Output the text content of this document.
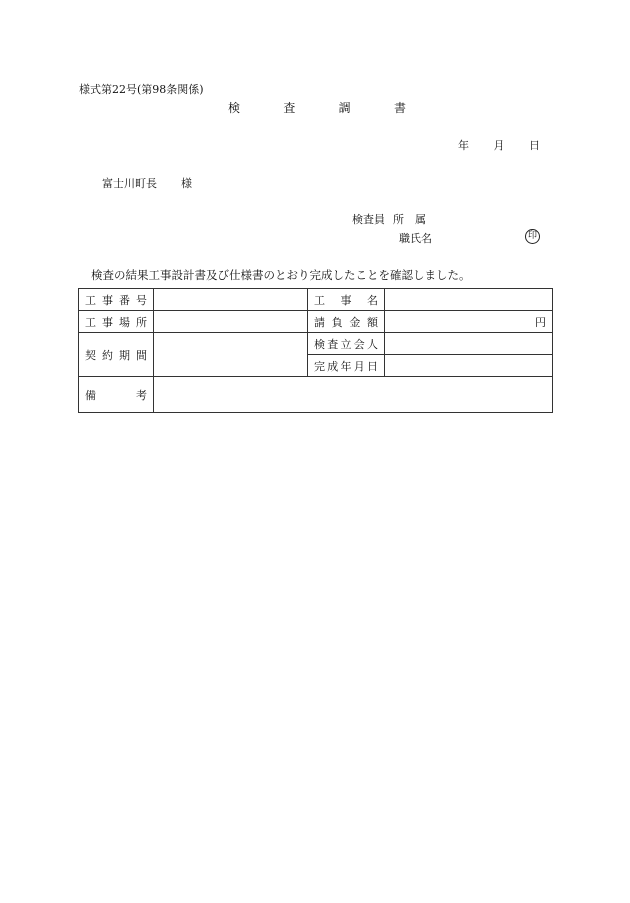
様式第22号(第98条関係)
検	査	調	書
年 月 日
富士川町長 様
検査員 所　属
職氏名	印
検査の結果工事設計書及び仕様書のとおり完成したことを確認しました。
工事番号		工事名	
工事場所		請負金額	円
契約期間		検査立会人	
		完成年月日	
備考			
